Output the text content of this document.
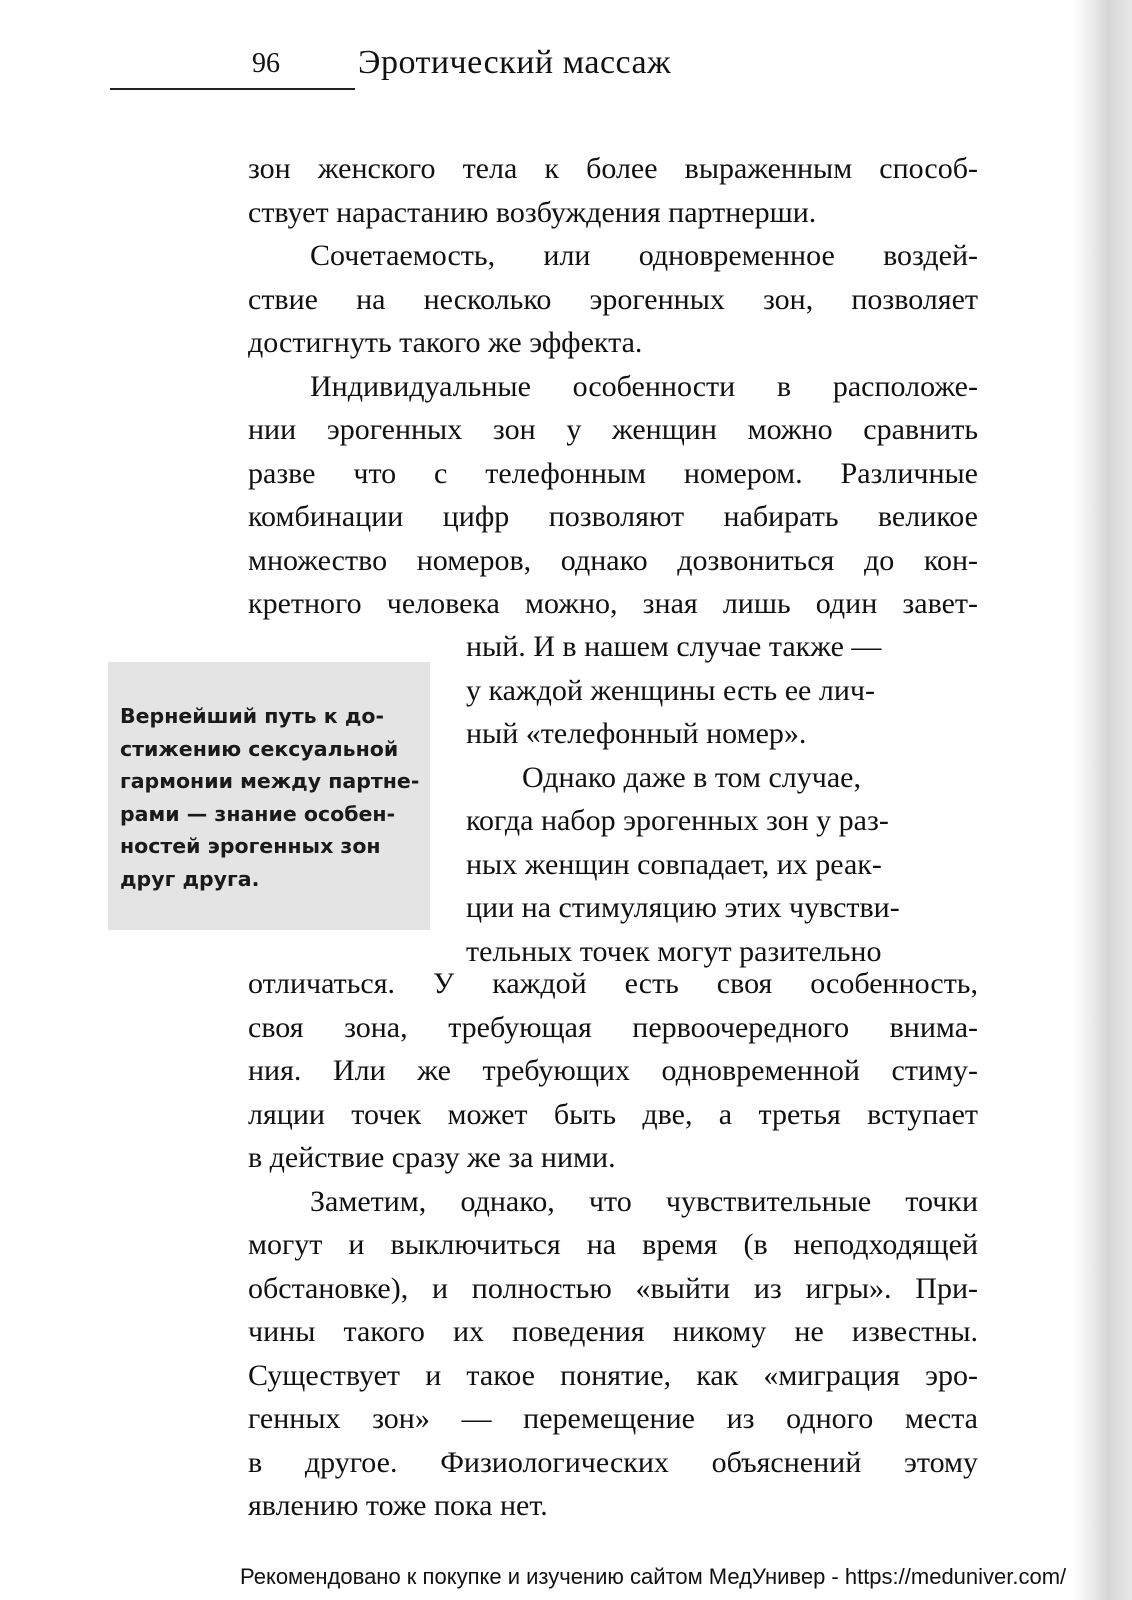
96 Эротический массаж
зон женского тела к более выраженным способ-
ствует нарастанию возбуждения партнерши.
Сочетаемость, или одновременное воздей-
ствие на несколько эрогенных зон, позволяет
достигнуть такого же эффекта.
Индивидуальные особенности в расположе-
нии эрогенных зон у женщин можно сравнить
разве что с телефонным номером. Различные
комбинации цифр позволяют набирать великое
множество номеров, однако дозвониться до кон-
кретного человека можно, зная лишь один завет-
ный. И в нашем случае также —
у каждой женщины есть ее лич-
ный «телефонный номер».
Однако даже в том случае,
когда набор эрогенных зон у раз-
ных женщин совпадает, их реак-
ции на стимуляцию этих чувстви-
тельных точек могут разительно
Вернейший путь к до-
стижению сексуальной
гармонии между партне-
рами — знание особен-
ностей эрогенных зон
друг друга.
отличаться. У каждой есть своя особенность,
своя зона, требующая первоочередного внима-
ния. Или же требующих одновременной стиму-
ляции точек может быть две, а третья вступает
в действие сразу же за ними.
Заметим, однако, что чувствительные точки
могут и выключиться на время (в неподходящей
обстановке), и полностью «выйти из игры». При-
чины такого их поведения никому не известны.
Существует и такое понятие, как «миграция эро-
генных зон» — перемещение из одного места
в другое. Физиологических объяснений этому
явлению тоже пока нет.
Рекомендовано к покупке и изучению сайтом МедУнивер - https://meduniver.com/
